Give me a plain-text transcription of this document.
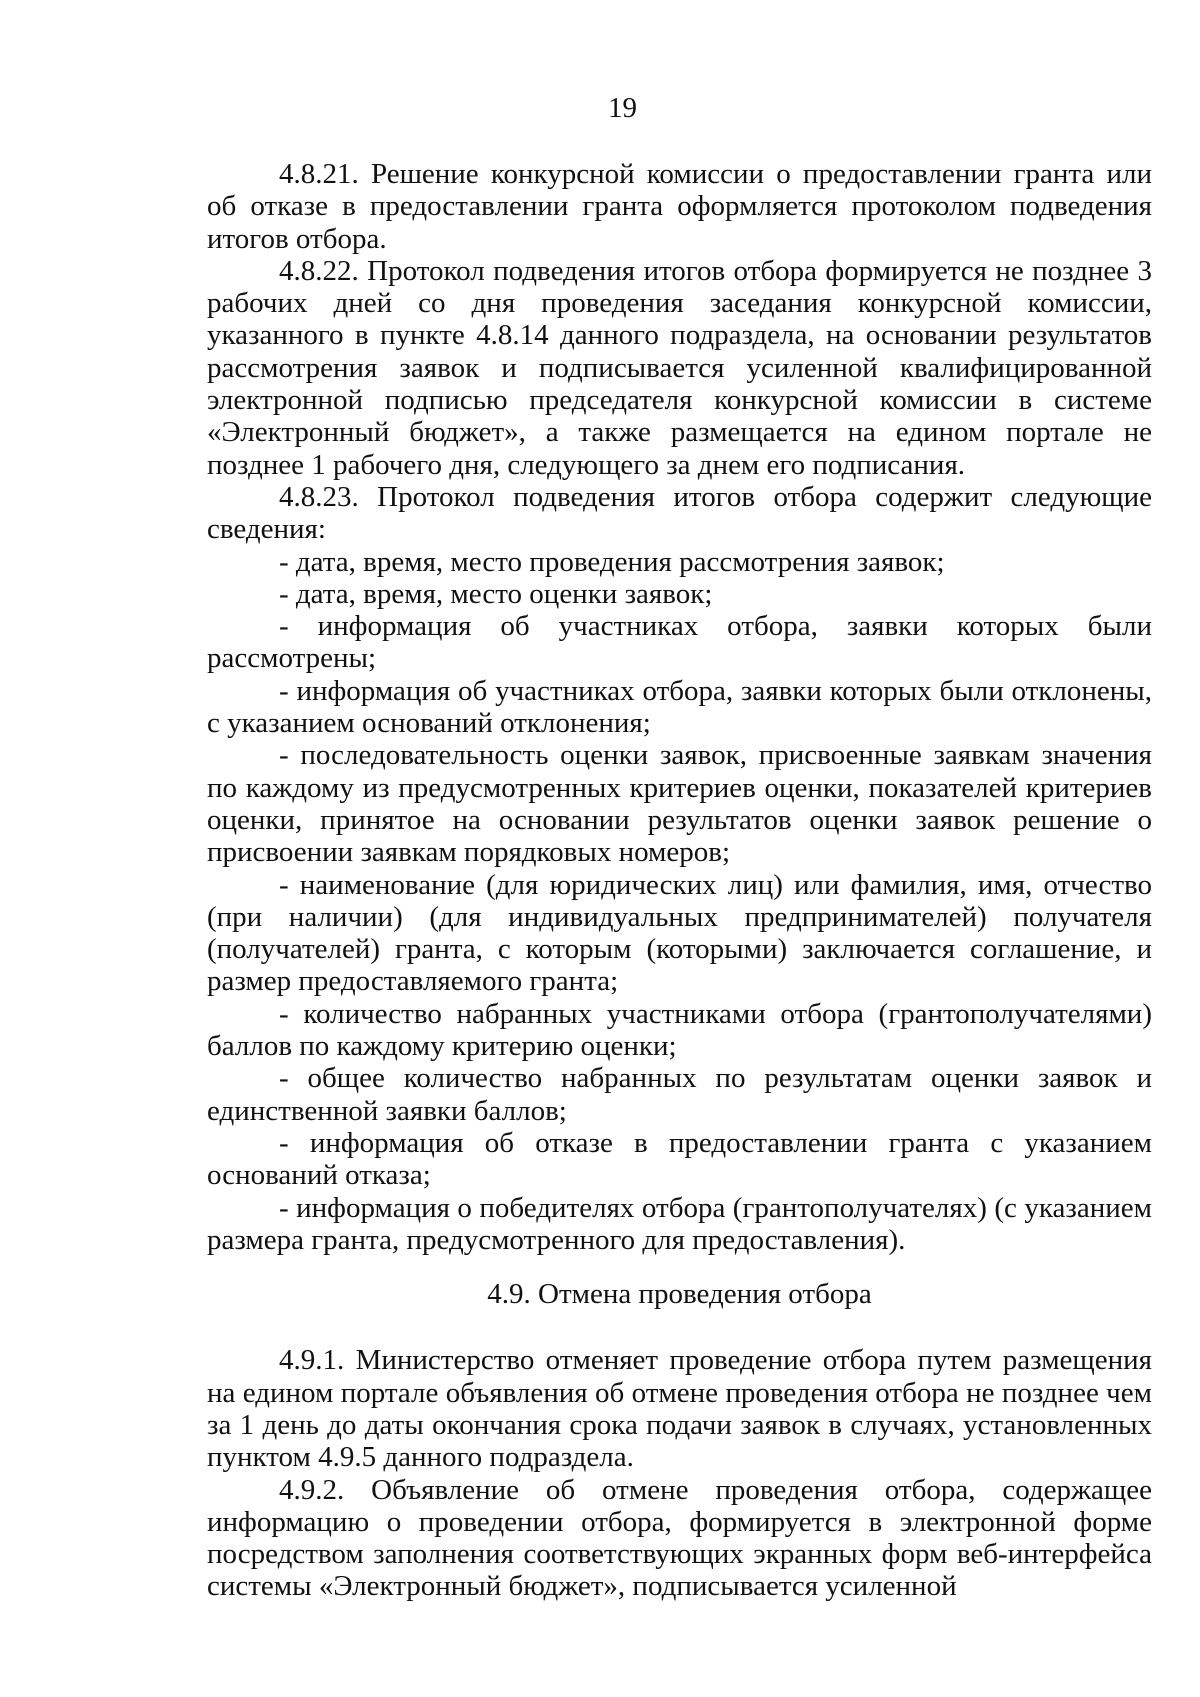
19

4.8.21. Решение конкурсной комиссии о предоставлении гранта или об отказе в предоставлении гранта оформляется протоколом подведения итогов отбора.

4.8.22. Протокол подведения итогов отбора формируется не позднее 3 рабочих дней со дня проведения заседания конкурсной комиссии, указанного в пункте 4.8.14 данного подраздела, на основании результатов рассмотрения заявок и подписывается усиленной квалифицированной электронной подписью председателя конкурсной комиссии в системе «Электронный бюджет», а также размещается на едином портале не позднее 1 рабочего дня, следующего за днем его подписания.

4.8.23. Протокол подведения итогов отбора содержит следующие сведения:

- дата, время, место проведения рассмотрения заявок;

- дата, время, место оценки заявок;

- информация об участниках отбора, заявки которых были рассмотрены;

- информация об участниках отбора, заявки которых были отклонены, с указанием оснований отклонения;

- последовательность оценки заявок, присвоенные заявкам значения по каждому из предусмотренных критериев оценки, показателей критериев оценки, принятое на основании результатов оценки заявок решение о присвоении заявкам порядковых номеров;

- наименование (для юридических лиц) или фамилия, имя, отчество (при наличии) (для индивидуальных предпринимателей) получателя (получателей) гранта, с которым (которыми) заключается соглашение, и размер предоставляемого гранта;

- количество набранных участниками отбора (грантополучателями) баллов по каждому критерию оценки;

- общее количество набранных по результатам оценки заявок и единственной заявки баллов;

- информация об отказе в предоставлении гранта с указанием оснований отказа;

- информация о победителях отбора (грантополучателях) (с указанием размера гранта, предусмотренного для предоставления).

4.9. Отмена проведения отбора

4.9.1. Министерство отменяет проведение отбора путем размещения на едином портале объявления об отмене проведения отбора не позднее чем за 1 день до даты окончания срока подачи заявок в случаях, установленных пунктом 4.9.5 данного подраздела.

4.9.2. Объявление об отмене проведения отбора, содержащее информацию о проведении отбора, формируется в электронной форме посредством заполнения соответствующих экранных форм веб-интерфейса системы «Электронный бюджет», подписывается усиленной
